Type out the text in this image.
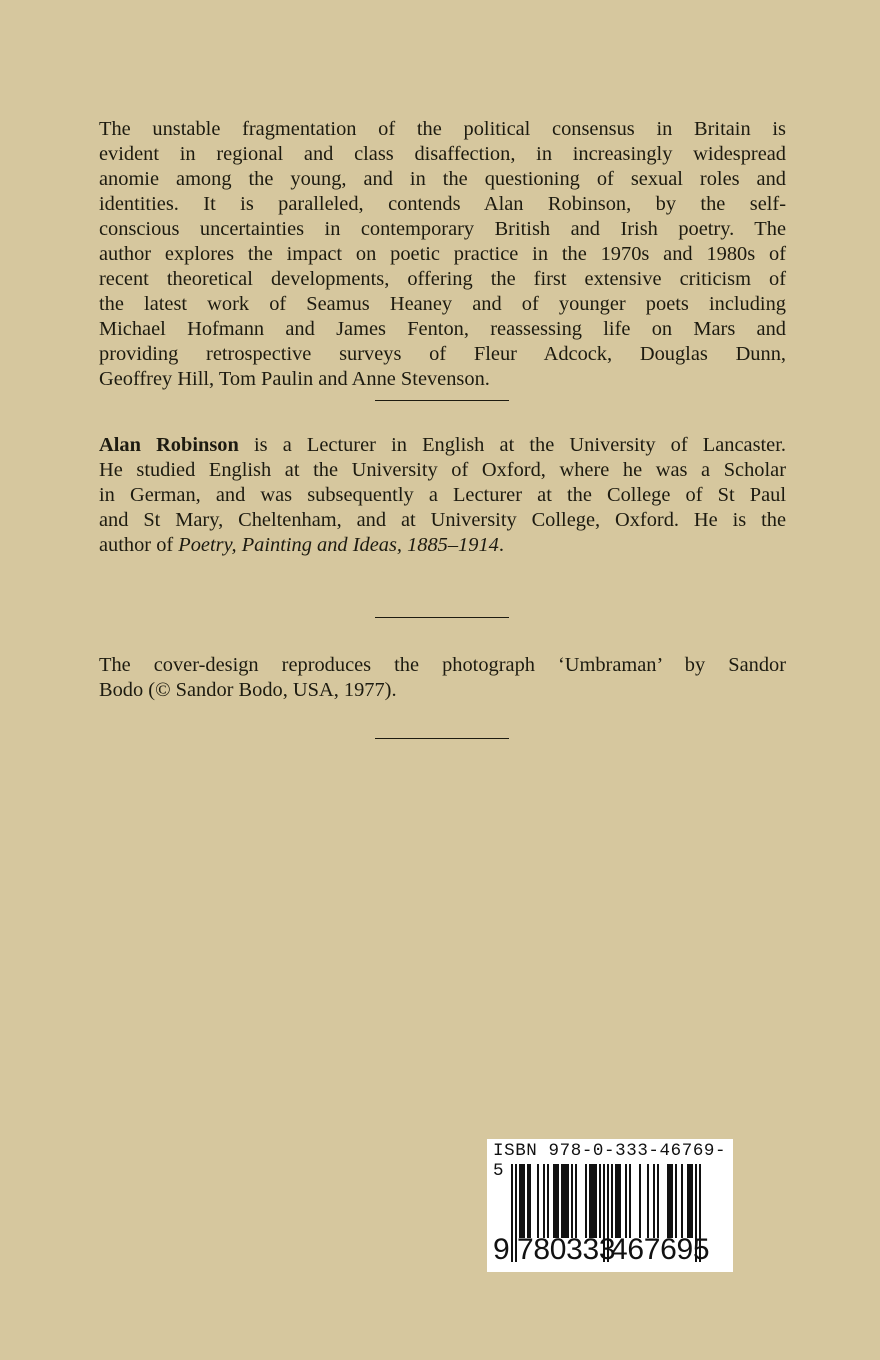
The unstable fragmentation of the political consensus in Britain is
evident in regional and class disaffection, in increasingly widespread
anomie among the young, and in the questioning of sexual roles and
identities. It is paralleled, contends Alan Robinson, by the self-
conscious uncertainties in contemporary British and Irish poetry. The
author explores the impact on poetic practice in the 1970s and 1980s of
recent theoretical developments, offering the first extensive criticism of
the latest work of Seamus Heaney and of younger poets including
Michael Hofmann and James Fenton, reassessing life on Mars and
providing retrospective surveys of Fleur Adcock, Douglas Dunn,
Geoffrey Hill, Tom Paulin and Anne Stevenson.
Alan Robinson is a Lecturer in English at the University of Lancaster.
He studied English at the University of Oxford, where he was a Scholar
in German, and was subsequently a Lecturer at the College of St Paul
and St Mary, Cheltenham, and at University College, Oxford. He is the
author of Poetry, Painting and Ideas, 1885–1914.
The cover-design reproduces the photograph ‘Umbraman’ by Sandor
Bodo (© Sandor Bodo, USA, 1977).
ISBN 978-0-333-46769-5
9 780333
467695
